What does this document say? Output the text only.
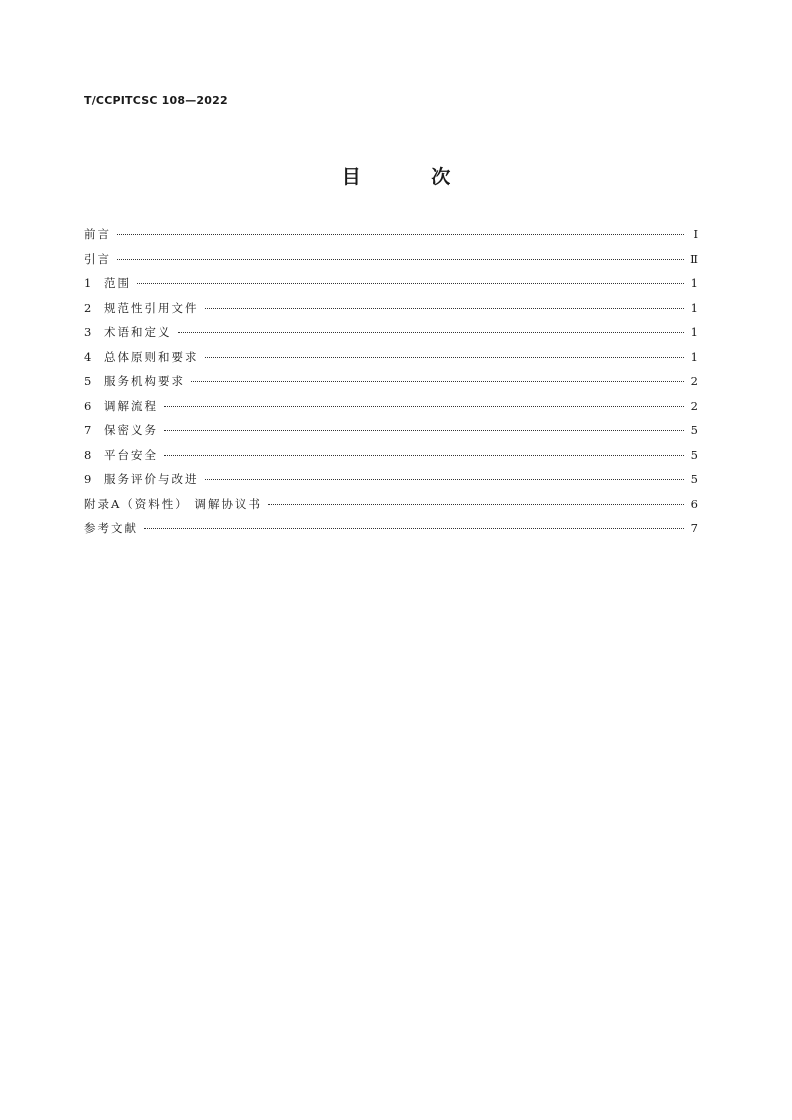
T/CCPITCSC 108—2022
目 次
前言	Ⅰ
引言	Ⅱ
1	范围	1
2	规范性引用文件	1
3	术语和定义	1
4	总体原则和要求	1
5	服务机构要求	2
6	调解流程	2
7	保密义务	5
8	平台安全	5
9	服务评价与改进	5
附录A（资料性） 调解协议书	6
参考文献	7
